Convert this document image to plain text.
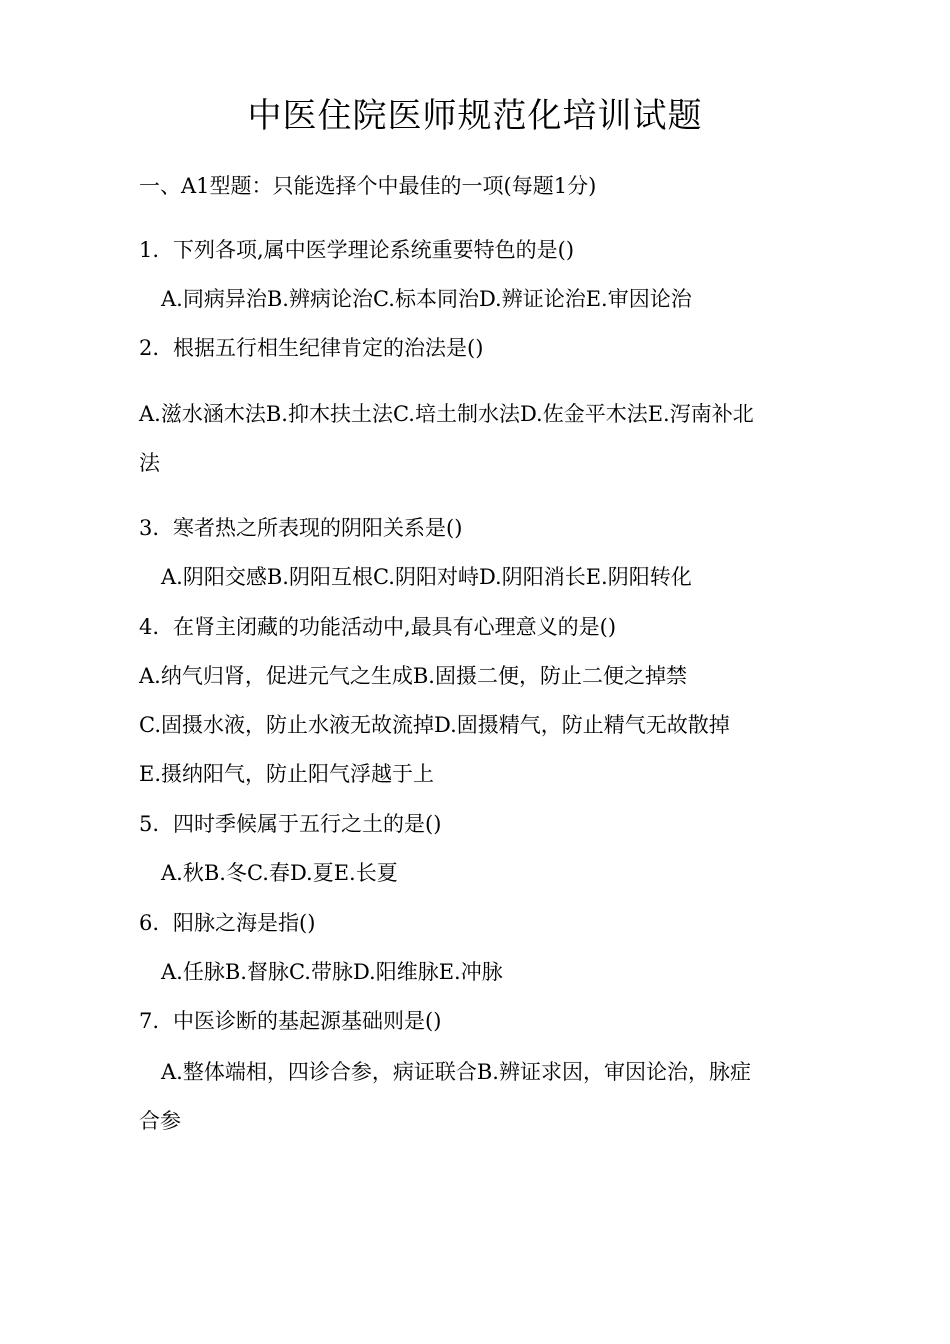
中医住院医师规范化培训试题
一、A1型题：只能选择个中最佳的一项(每题1分)
1. 下列各项,属中医学理论系统重要特色的是()
A.同病异治B.辨病论治C.标本同治D.辨证论治E.审因论治
2. 根据五行相生纪律肯定的治法是()
A.滋水涵木法B.抑木扶土法C.培土制水法D.佐金平木法E.泻南补北
法
3. 寒者热之所表现的阴阳关系是()
A.阴阳交感B.阴阳互根C.阴阳对峙D.阴阳消长E.阴阳转化
4. 在肾主闭藏的功能活动中,最具有心理意义的是()
A.纳气归肾，促进元气之生成B.固摄二便，防止二便之掉禁
C.固摄水液，防止水液无故流掉D.固摄精气，防止精气无故散掉
E.摄纳阳气，防止阳气浮越于上
5. 四时季候属于五行之土的是()
A.秋B.冬C.春D.夏E.长夏
6. 阳脉之海是指()
A.任脉B.督脉C.带脉D.阳维脉E.冲脉
7. 中医诊断的基起源基础则是()
A.整体端相，四诊合参，病证联合B.辨证求因，审因论治，脉症
合参
